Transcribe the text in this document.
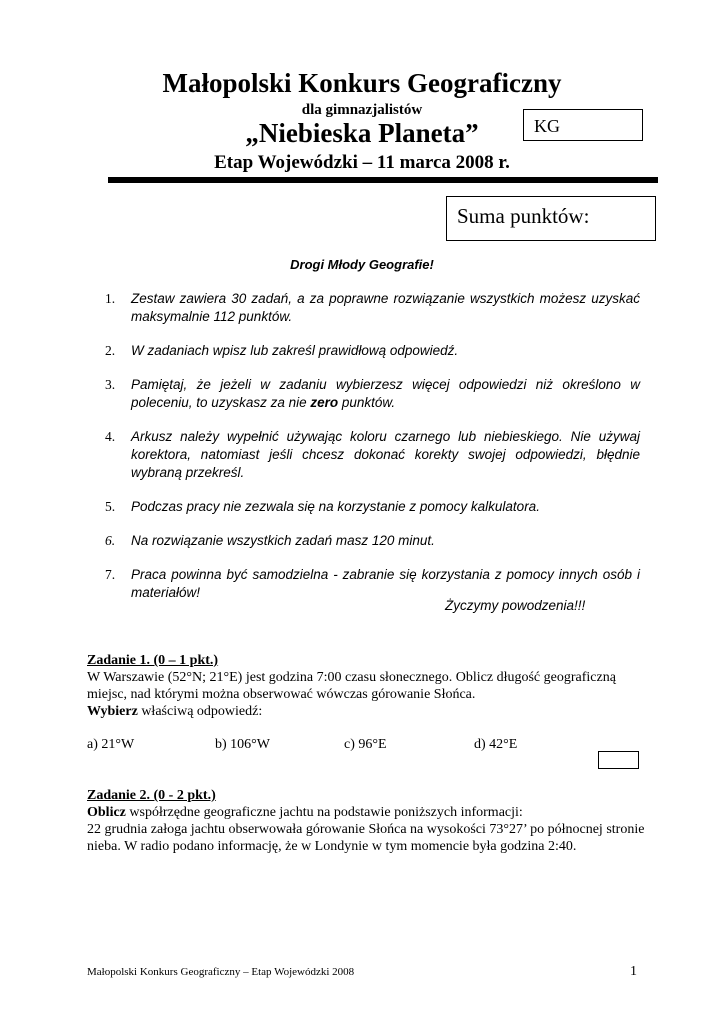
Małopolski Konkurs Geograficzny
dla gimnazjalistów
„Niebieska Planeta”
Etap Wojewódzki – 11 marca 2008 r.
KG
Suma punktów:
Drogi Młody Geografie!
1.	Zestaw zawiera 30 zadań, a za poprawne rozwiązanie wszystkich możesz uzyskać maksymalnie 112 punktów.
2.	W zadaniach wpisz lub zakreśl prawidłową odpowiedź.
3.	Pamiętaj, że jeżeli w zadaniu wybierzesz więcej odpowiedzi niż określono w poleceniu, to uzyskasz za nie zero punktów.
4.	Arkusz należy wypełnić używając koloru czarnego lub niebieskiego. Nie używaj korektora, natomiast jeśli chcesz dokonać korekty swojej odpowiedzi, błędnie wybraną przekreśl.
5.	Podczas pracy nie zezwala się na korzystanie z pomocy kalkulatora.
6.	Na rozwiązanie wszystkich zadań masz 120 minut.
7.	Praca powinna być samodzielna - zabranie się korzystania z pomocy innych osób i materiałów!
Życzymy powodzenia!!!
Zadanie 1. (0 – 1 pkt.)
W Warszawie (52°N; 21°E) jest godzina 7:00 czasu słonecznego. Oblicz długość geograficzną miejsc, nad którymi można obserwować wówczas górowanie Słońca.
Wybierz właściwą odpowiedź:
a) 21°W	b) 106°W	c) 96°E	d) 42°E
Zadanie 2. (0 - 2 pkt.)
Oblicz współrzędne geograficzne jachtu na podstawie poniższych informacji:
22 grudnia załoga jachtu obserwowała górowanie Słońca na wysokości 73°27’ po północnej stronie nieba. W radio podano informację, że w Londynie w tym momencie była godzina 2:40.
Małopolski Konkurs Geograficzny – Etap Wojewódzki 2008	1
